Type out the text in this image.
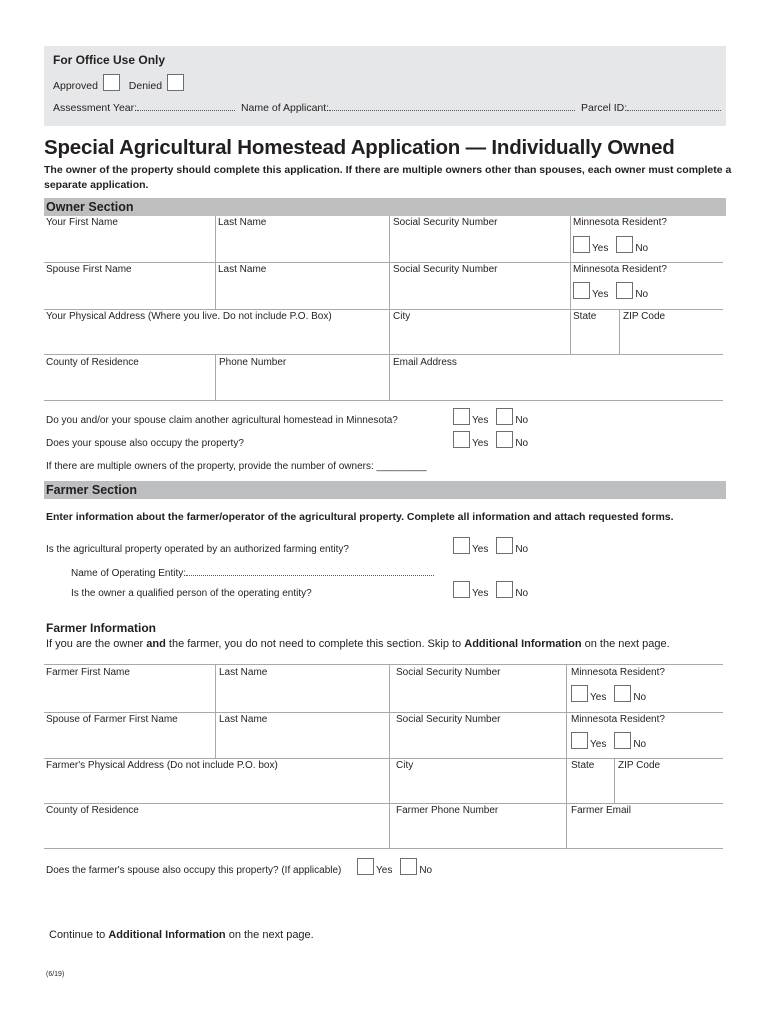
For Office Use Only
Approved	Denied
Assessment Year:	Name of Applicant:	Parcel ID:
Special Agricultural Homestead Application — Individually Owned
The owner of the property should complete this application. If there are multiple owners other than spouses, each owner must complete a separate application.
Owner Section
Your First Name	Last Name	Social Security Number	Minnesota Resident?
Yes	No
Spouse First Name	Last Name	Social Security Number	Minnesota Resident?
Yes	No
Your Physical Address (Where you live. Do not include P.O. Box)	City	State	ZIP Code
County of Residence	Phone Number	Email Address
Do you and/or your spouse claim another agricultural homestead in Minnesota?	Yes	No
Does your spouse also occupy the property?	Yes	No
If there are multiple owners of the property, provide the number of owners: _________
Farmer Section
Enter information about the farmer/operator of the agricultural property. Complete all information and attach requested forms.
Is the agricultural property operated by an authorized farming entity?	Yes	No
Name of Operating Entity:
Is the owner a qualified person of the operating entity?	Yes	No
Farmer Information
If you are the owner and the farmer, you do not need to complete this section. Skip to Additional Information on the next page.
Farmer First Name	Last Name	Social Security Number	Minnesota Resident?
Yes	No
Spouse of Farmer First Name	Last Name	Social Security Number	Minnesota Resident?
Yes	No
Farmer's Physical Address (Do not include P.O. box)	City	State ZIP Code
County of Residence	Farmer Phone Number	Farmer Email
Does the farmer's spouse also occupy this property? (If applicable)	Yes	No
Continue to Additional Information on the next page.
(6/19)
